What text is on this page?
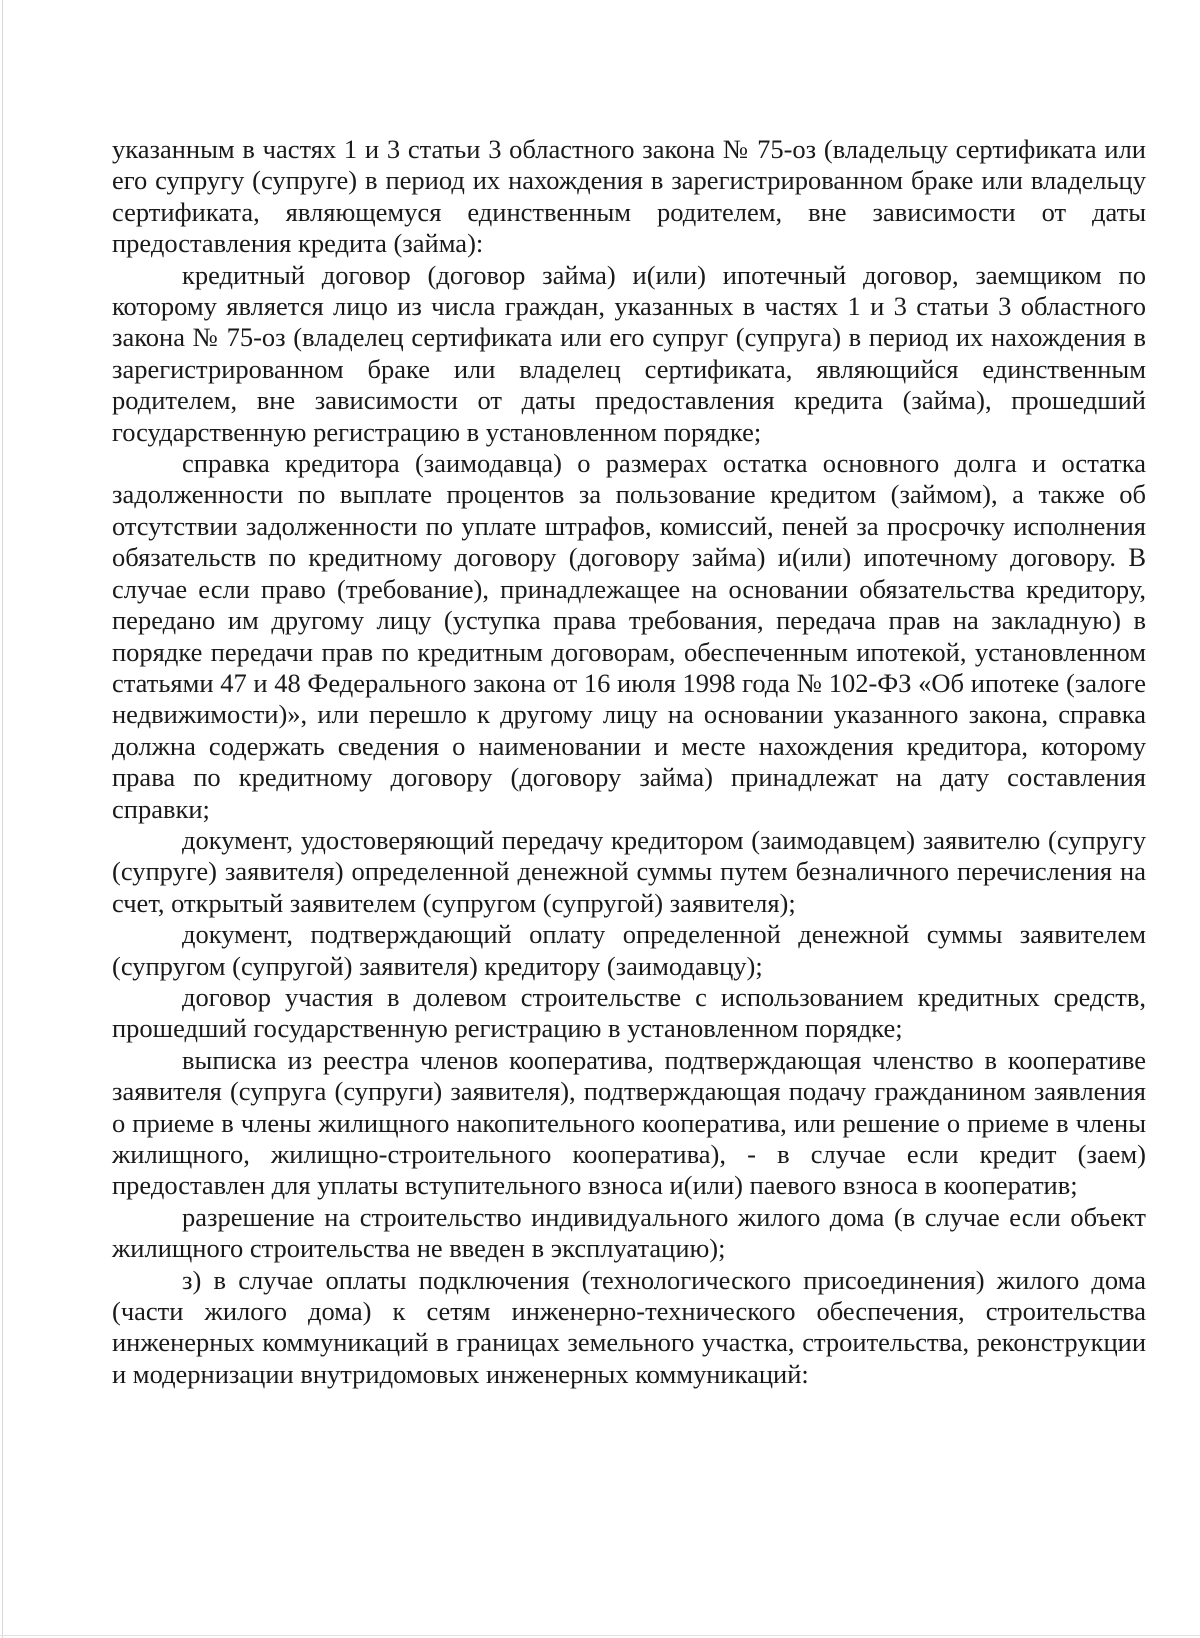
указанным в частях 1 и 3 статьи 3 областного закона № 75-оз (владельцу сертификата или его супругу (супруге) в период их нахождения в зарегистрированном браке или владельцу сертификата, являющемуся единственным родителем, вне зависимости от даты предоставления кредита (займа):

кредитный договор (договор займа) и(или) ипотечный договор, заемщиком по которому является лицо из числа граждан, указанных в частях 1 и 3 статьи 3 областного закона № 75-оз (владелец сертификата или его супруг (супруга) в период их нахождения в зарегистрированном браке или владелец сертификата, являющийся единственным родителем, вне зависимости от даты предоставления кредита (займа), прошедший государственную регистрацию в установленном порядке;

справка кредитора (заимодавца) о размерах остатка основного долга и остатка задолженности по выплате процентов за пользование кредитом (займом), а также об отсутствии задолженности по уплате штрафов, комиссий, пеней за просрочку исполнения обязательств по кредитному договору (договору займа) и(или) ипотечному договору. В случае если право (требование), принадлежащее на основании обязательства кредитору, передано им другому лицу (уступка права требования, передача прав на закладную) в порядке передачи прав по кредитным договорам, обеспеченным ипотекой, установленном статьями 47 и 48 Федерального закона от 16 июля 1998 года № 102-ФЗ «Об ипотеке (залоге недвижимости)», или перешло к другому лицу на основании указанного закона, справка должна содержать сведения о наименовании и месте нахождения кредитора, которому права по кредитному договору (договору займа) принадлежат на дату составления справки;

документ, удостоверяющий передачу кредитором (заимодавцем) заявителю (супругу (супруге) заявителя) определенной денежной суммы путем безналичного перечисления на счет, открытый заявителем (супругом (супругой) заявителя);

документ, подтверждающий оплату определенной денежной суммы заявителем (супругом (супругой) заявителя) кредитору (заимодавцу);

договор участия в долевом строительстве с использованием кредитных средств, прошедший государственную регистрацию в установленном порядке;

выписка из реестра членов кооператива, подтверждающая членство в кооперативе заявителя (супруга (супруги) заявителя), подтверждающая подачу гражданином заявления о приеме в члены жилищного накопительного кооператива, или решение о приеме в члены жилищного, жилищно-строительного кооператива), - в случае если кредит (заем) предоставлен для уплаты вступительного взноса и(или) паевого взноса в кооператив;

разрешение на строительство индивидуального жилого дома (в случае если объект жилищного строительства не введен в эксплуатацию);

з) в случае оплаты подключения (технологического присоединения) жилого дома (части жилого дома) к сетям инженерно-технического обеспечения, строительства инженерных коммуникаций в границах земельного участка, строительства, реконструкции и модернизации внутридомовых инженерных коммуникаций:
